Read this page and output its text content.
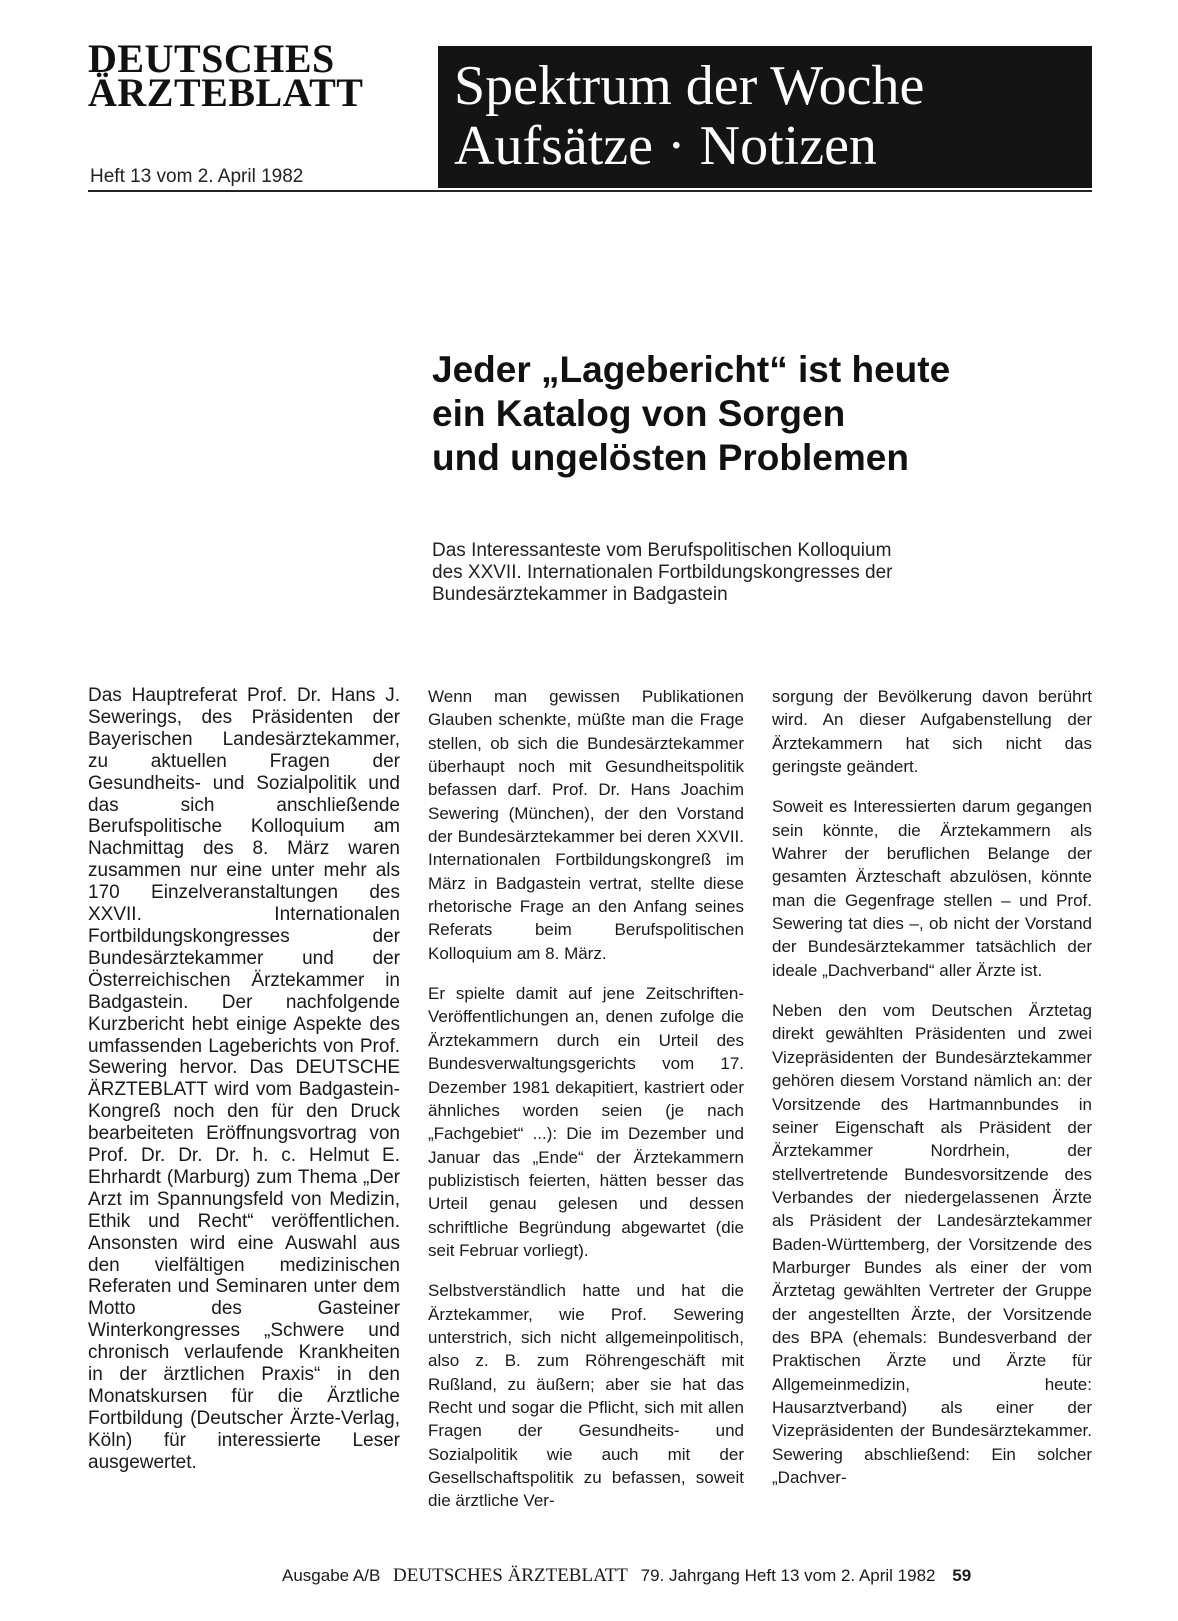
DEUTSCHES
ÄRZTEBLATT
Heft 13 vom 2. April 1982
Spektrum der Woche
Aufsätze · Notizen
Jeder „Lagebericht“ ist heute
ein Katalog von Sorgen
und ungelösten Problemen
Das Interessanteste vom Berufspolitischen Kolloquium
des XXVII. Internationalen Fortbildungskongresses der
Bundesärztekammer in Badgastein

Das Hauptreferat Prof. Dr. Hans J. Sewerings, des Präsidenten der Bayerischen Landesärztekammer, zu aktuellen Fragen der Gesundheits- und Sozialpolitik und das sich anschließende Berufspolitische Kolloquium am Nachmittag des 8. März waren zusammen nur eine unter mehr als 170 Einzelveranstaltungen des XXVII. Internationalen Fortbildungskongresses der Bundesärztekammer und der Österreichischen Ärztekammer in Badgastein. Der nachfolgende Kurzbericht hebt einige Aspekte des umfassenden Lageberichts von Prof. Sewering hervor. Das DEUTSCHE ÄRZTEBLATT wird vom Badgastein-Kongreß noch den für den Druck bearbeiteten Eröffnungsvortrag von Prof. Dr. Dr. Dr. h. c. Helmut E. Ehrhardt (Marburg) zum Thema „Der Arzt im Spannungsfeld von Medizin, Ethik und Recht“ veröffentlichen. Ansonsten wird eine Auswahl aus den vielfältigen medizinischen Referaten und Seminaren unter dem Motto des Gasteiner Winterkongresses „Schwere und chronisch verlaufende Krankheiten in der ärztlichen Praxis“ in den Monatskursen für die Ärztliche Fortbildung (Deutscher Ärzte-Verlag, Köln) für interessierte Leser ausgewertet.

Wenn man gewissen Publikationen Glauben schenkte, müßte man die Frage stellen, ob sich die Bundesärztekammer überhaupt noch mit Gesundheitspolitik befassen darf. Prof. Dr. Hans Joachim Sewering (München), der den Vorstand der Bundesärztekammer bei deren XXVII. Internationalen Fortbildungskongreß im März in Badgastein vertrat, stellte diese rhetorische Frage an den Anfang seines Referats beim Berufspolitischen Kolloquium am 8. März.

Er spielte damit auf jene Zeitschriften-Veröffentlichungen an, denen zufolge die Ärztekammern durch ein Urteil des Bundesverwaltungsgerichts vom 17. Dezember 1981 dekapitiert, kastriert oder ähnliches worden seien (je nach „Fachgebiet“ ...): Die im Dezember und Januar das „Ende“ der Ärztekammern publizistisch feierten, hätten besser das Urteil genau gelesen und dessen schriftliche Begründung abgewartet (die seit Februar vorliegt).

Selbstverständlich hatte und hat die Ärztekammer, wie Prof. Sewering unterstrich, sich nicht allgemeinpolitisch, also z. B. zum Röhrengeschäft mit Rußland, zu äußern; aber sie hat das Recht und sogar die Pflicht, sich mit allen Fragen der Gesundheits- und Sozialpolitik wie auch mit der Gesellschaftspolitik zu befassen, soweit die ärztliche Ver-

sorgung der Bevölkerung davon berührt wird. An dieser Aufgabenstellung der Ärztekammern hat sich nicht das geringste geändert.

Soweit es Interessierten darum gegangen sein könnte, die Ärztekammern als Wahrer der beruflichen Belange der gesamten Ärzteschaft abzulösen, könnte man die Gegenfrage stellen – und Prof. Sewering tat dies –, ob nicht der Vorstand der Bundesärztekammer tatsächlich der ideale „Dachverband“ aller Ärzte ist.

Neben den vom Deutschen Ärztetag direkt gewählten Präsidenten und zwei Vizepräsidenten der Bundesärztekammer gehören diesem Vorstand nämlich an: der Vorsitzende des Hartmannbundes in seiner Eigenschaft als Präsident der Ärztekammer Nordrhein, der stellvertretende Bundesvorsitzende des Verbandes der niedergelassenen Ärzte als Präsident der Landesärztekammer Baden-Württemberg, der Vorsitzende des Marburger Bundes als einer der vom Ärztetag gewählten Vertreter der Gruppe der angestellten Ärzte, der Vorsitzende des BPA (ehemals: Bundesverband der Praktischen Ärzte und Ärzte für Allgemeinmedizin, heute: Hausarztverband) als einer der Vizepräsidenten der Bundesärztekammer. Sewering abschließend: Ein solcher „Dachver-

Ausgabe A/B DEUTSCHES ÄRZTEBLATT 79. Jahrgang Heft 13 vom 2. April 1982 59
